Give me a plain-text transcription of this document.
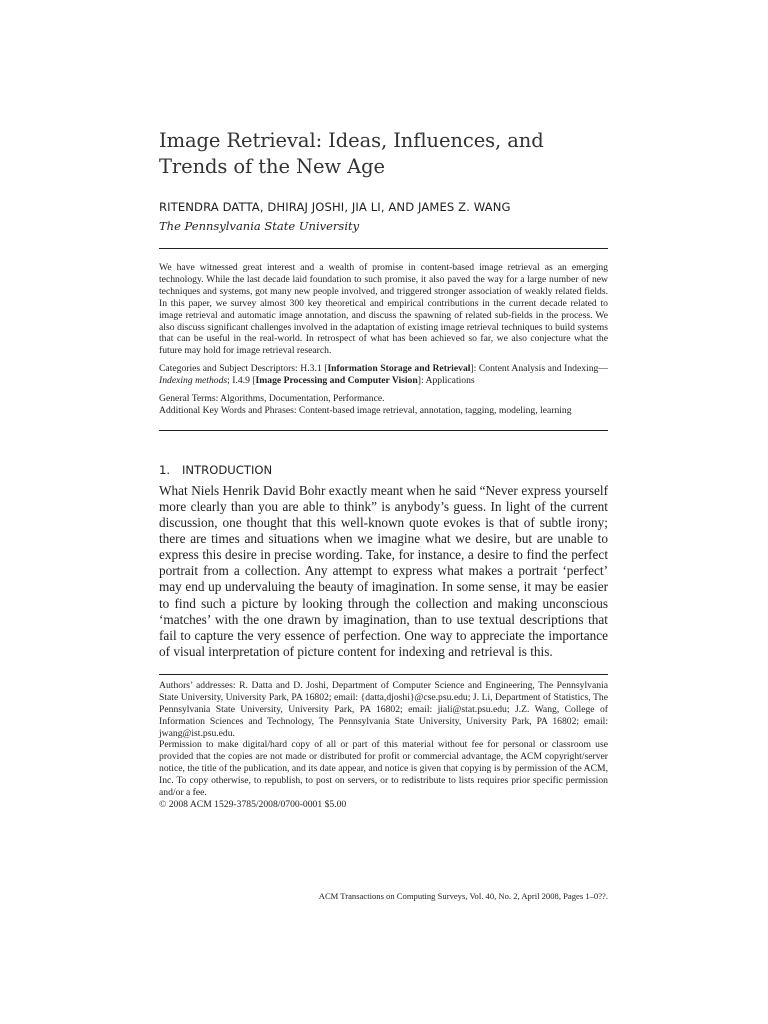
Image Retrieval: Ideas, Influences, and Trends of the New Age
RITENDRA DATTA, DHIRAJ JOSHI, JIA LI, AND JAMES Z. WANG
The Pennsylvania State University

We have witnessed great interest and a wealth of promise in content-based image retrieval as an emerging technology. While the last decade laid foundation to such promise, it also paved the way for a large number of new techniques and systems, got many new people involved, and triggered stronger association of weakly related fields. In this paper, we survey almost 300 key theoretical and empirical contributions in the current decade related to image retrieval and automatic image annotation, and discuss the spawning of related sub-fields in the process. We also discuss significant challenges involved in the adaptation of existing image retrieval techniques to build systems that can be useful in the real-world. In retrospect of what has been achieved so far, we also conjecture what the future may hold for image retrieval research.

Categories and Subject Descriptors: H.3.1 [Information Storage and Retrieval]: Content Analysis and Indexing—Indexing methods; I.4.9 [Image Processing and Computer Vision]: Applications

General Terms: Algorithms, Documentation, Performance.
Additional Key Words and Phrases: Content-based image retrieval, annotation, tagging, modeling, learning

1. INTRODUCTION

What Niels Henrik David Bohr exactly meant when he said “Never express yourself more clearly than you are able to think” is anybody’s guess. In light of the current discussion, one thought that this well-known quote evokes is that of subtle irony; there are times and situations when we imagine what we desire, but are unable to express this desire in precise wording. Take, for instance, a desire to find the perfect portrait from a collection. Any attempt to express what makes a portrait ‘perfect’ may end up undervaluing the beauty of imagination. In some sense, it may be easier to find such a picture by looking through the collection and making unconscious ‘matches’ with the one drawn by imagination, than to use textual descriptions that fail to capture the very essence of perfection. One way to appreciate the importance of visual interpretation of picture content for indexing and retrieval is this.

Authors’ addresses: R. Datta and D. Joshi, Department of Computer Science and Engineering, The Pennsylvania State University, University Park, PA 16802; email: {datta,djoshi}@cse.psu.edu; J. Li, Department of Statistics, The Pennsylvania State University, University Park, PA 16802; email: jiali@stat.psu.edu; J.Z. Wang, College of Information Sciences and Technology, The Pennsylvania State University, University Park, PA 16802; email: jwang@ist.psu.edu.

Permission to make digital/hard copy of all or part of this material without fee for personal or classroom use provided that the copies are not made or distributed for profit or commercial advantage, the ACM copyright/server notice, the title of the publication, and its date appear, and notice is given that copying is by permission of the ACM, Inc. To copy otherwise, to republish, to post on servers, or to redistribute to lists requires prior specific permission and/or a fee.

© 2008 ACM 1529-3785/2008/0700-0001 $5.00

ACM Transactions on Computing Surveys, Vol. 40, No. 2, April 2008, Pages 1–0??.
